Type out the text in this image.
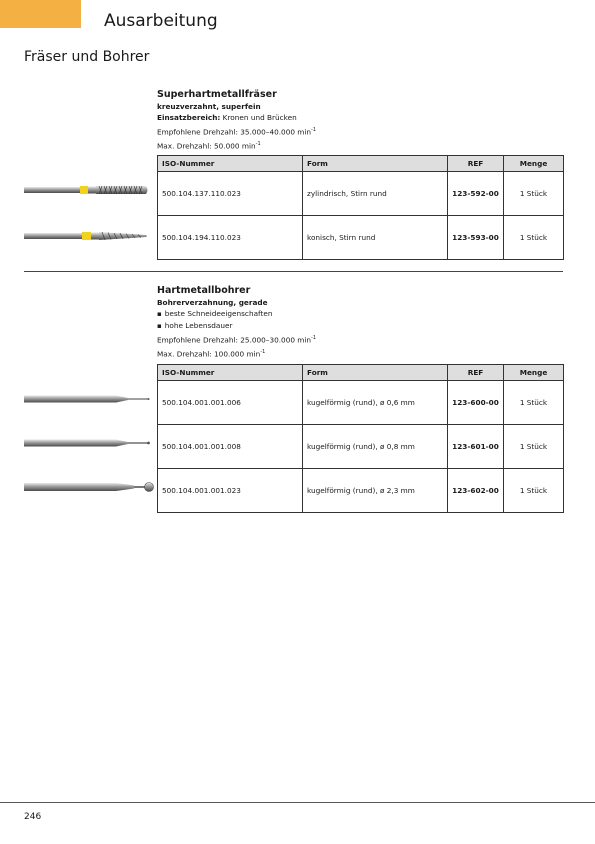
Ausarbeitung
Fräser und Bohrer
Superhartmetallfräser
kreuzverzahnt, superfein
Einsatzbereich: Kronen und Brücken
Empfohlene Drehzahl: 35.000–40.000 $\min^{-1}$
Max. Drehzahl: 50.000 $\min^{-1}$
ISO-Nummer	Form	REF	Menge
500.104.137.110.023	zylindrisch, Stirn rund	123-592-00	1 Stück
500.104.194.110.023	konisch, Stirn rund	123-593-00	1 Stück
Hartmetallbohrer
Bohrerverzahnung, gerade
▪ beste Schneideeigenschaften
▪ hohe Lebensdauer
Empfohlene Drehzahl: 25.000–30.000 $\min^{-1}$
Max. Drehzahl: 100.000 $\min^{-1}$
ISO-Nummer	Form	REF	Menge
500.104.001.001.006	kugelförmig (rund), ø 0,6 mm	123-600-00	1 Stück
500.104.001.001.008	kugelförmig (rund), ø 0,8 mm	123-601-00	1 Stück
500.104.001.001.023	kugelförmig (rund), ø 2,3 mm	123-602-00	1 Stück
246
